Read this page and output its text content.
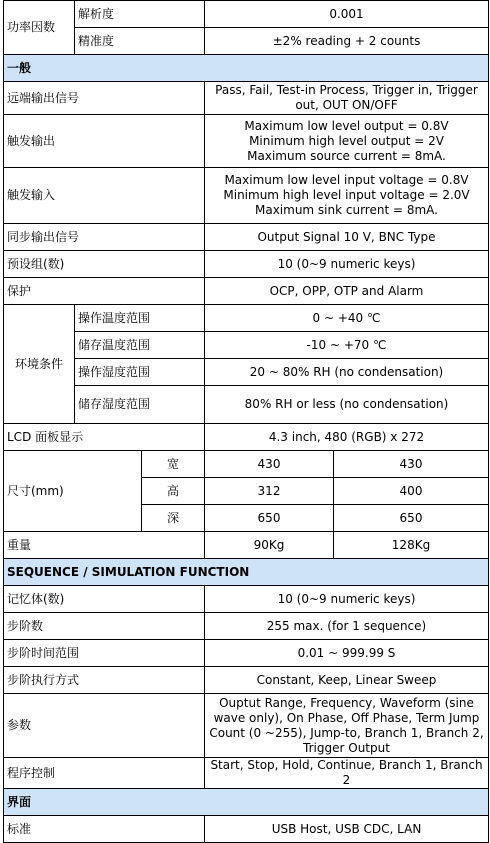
功率因数	解析度		0.001	
	精准度		±2% reading + 2 counts	
一般				
远端输出信号			Pass, Fail, Test-in Process, Trigger in, Trigger out, OUT ON/OFF	
触发输出			Maximum low level output = 0.8V
Minimum high level output = 2V
Maximum source current = 8mA.	

触发输入			Maximum low level input voltage = 0.8V
Minimum high level input voltage = 2.0V
Maximum sink current = 8mA.	

同步输出信号			Output Signal 10 V, BNC Type	
预设组(数)			10 (0~9 numeric keys)	
保护			OCP, OPP, OTP and Alarm	
环境条件	操作温度范围		0 ~ +40 ℃	
	储存温度范围		-10 ~ +70 ℃	
	操作湿度范围		20 ~ 80% RH (no condensation)	
	储存湿度范围		80% RH or less (no condensation)	
LCD 面板显示			4.3 inch, 480 (RGB) x 272	
尺寸(mm)		宽	430	430
		高	312	400
		深	650	650
重量			90Kg	128Kg
SEQUENCE / SIMULATION FUNCTION				
记忆体(数)			10 (0~9 numeric keys)	
步阶数			255 max. (for 1 sequence)	
步阶时间范围			0.01 ~ 999.99 S	
步阶执行方式			Constant, Keep, Linear Sweep	
参数			Ouptut Range, Frequency, Waveform (sine wave only), On Phase, Off Phase, Term Jump Count (0 ~255), Jump-to, Branch 1, Branch 2, Trigger Output	
程序控制			Start, Stop, Hold, Continue, Branch 1, Branch 2	
界面				
标准			USB Host, USB CDC, LAN	
